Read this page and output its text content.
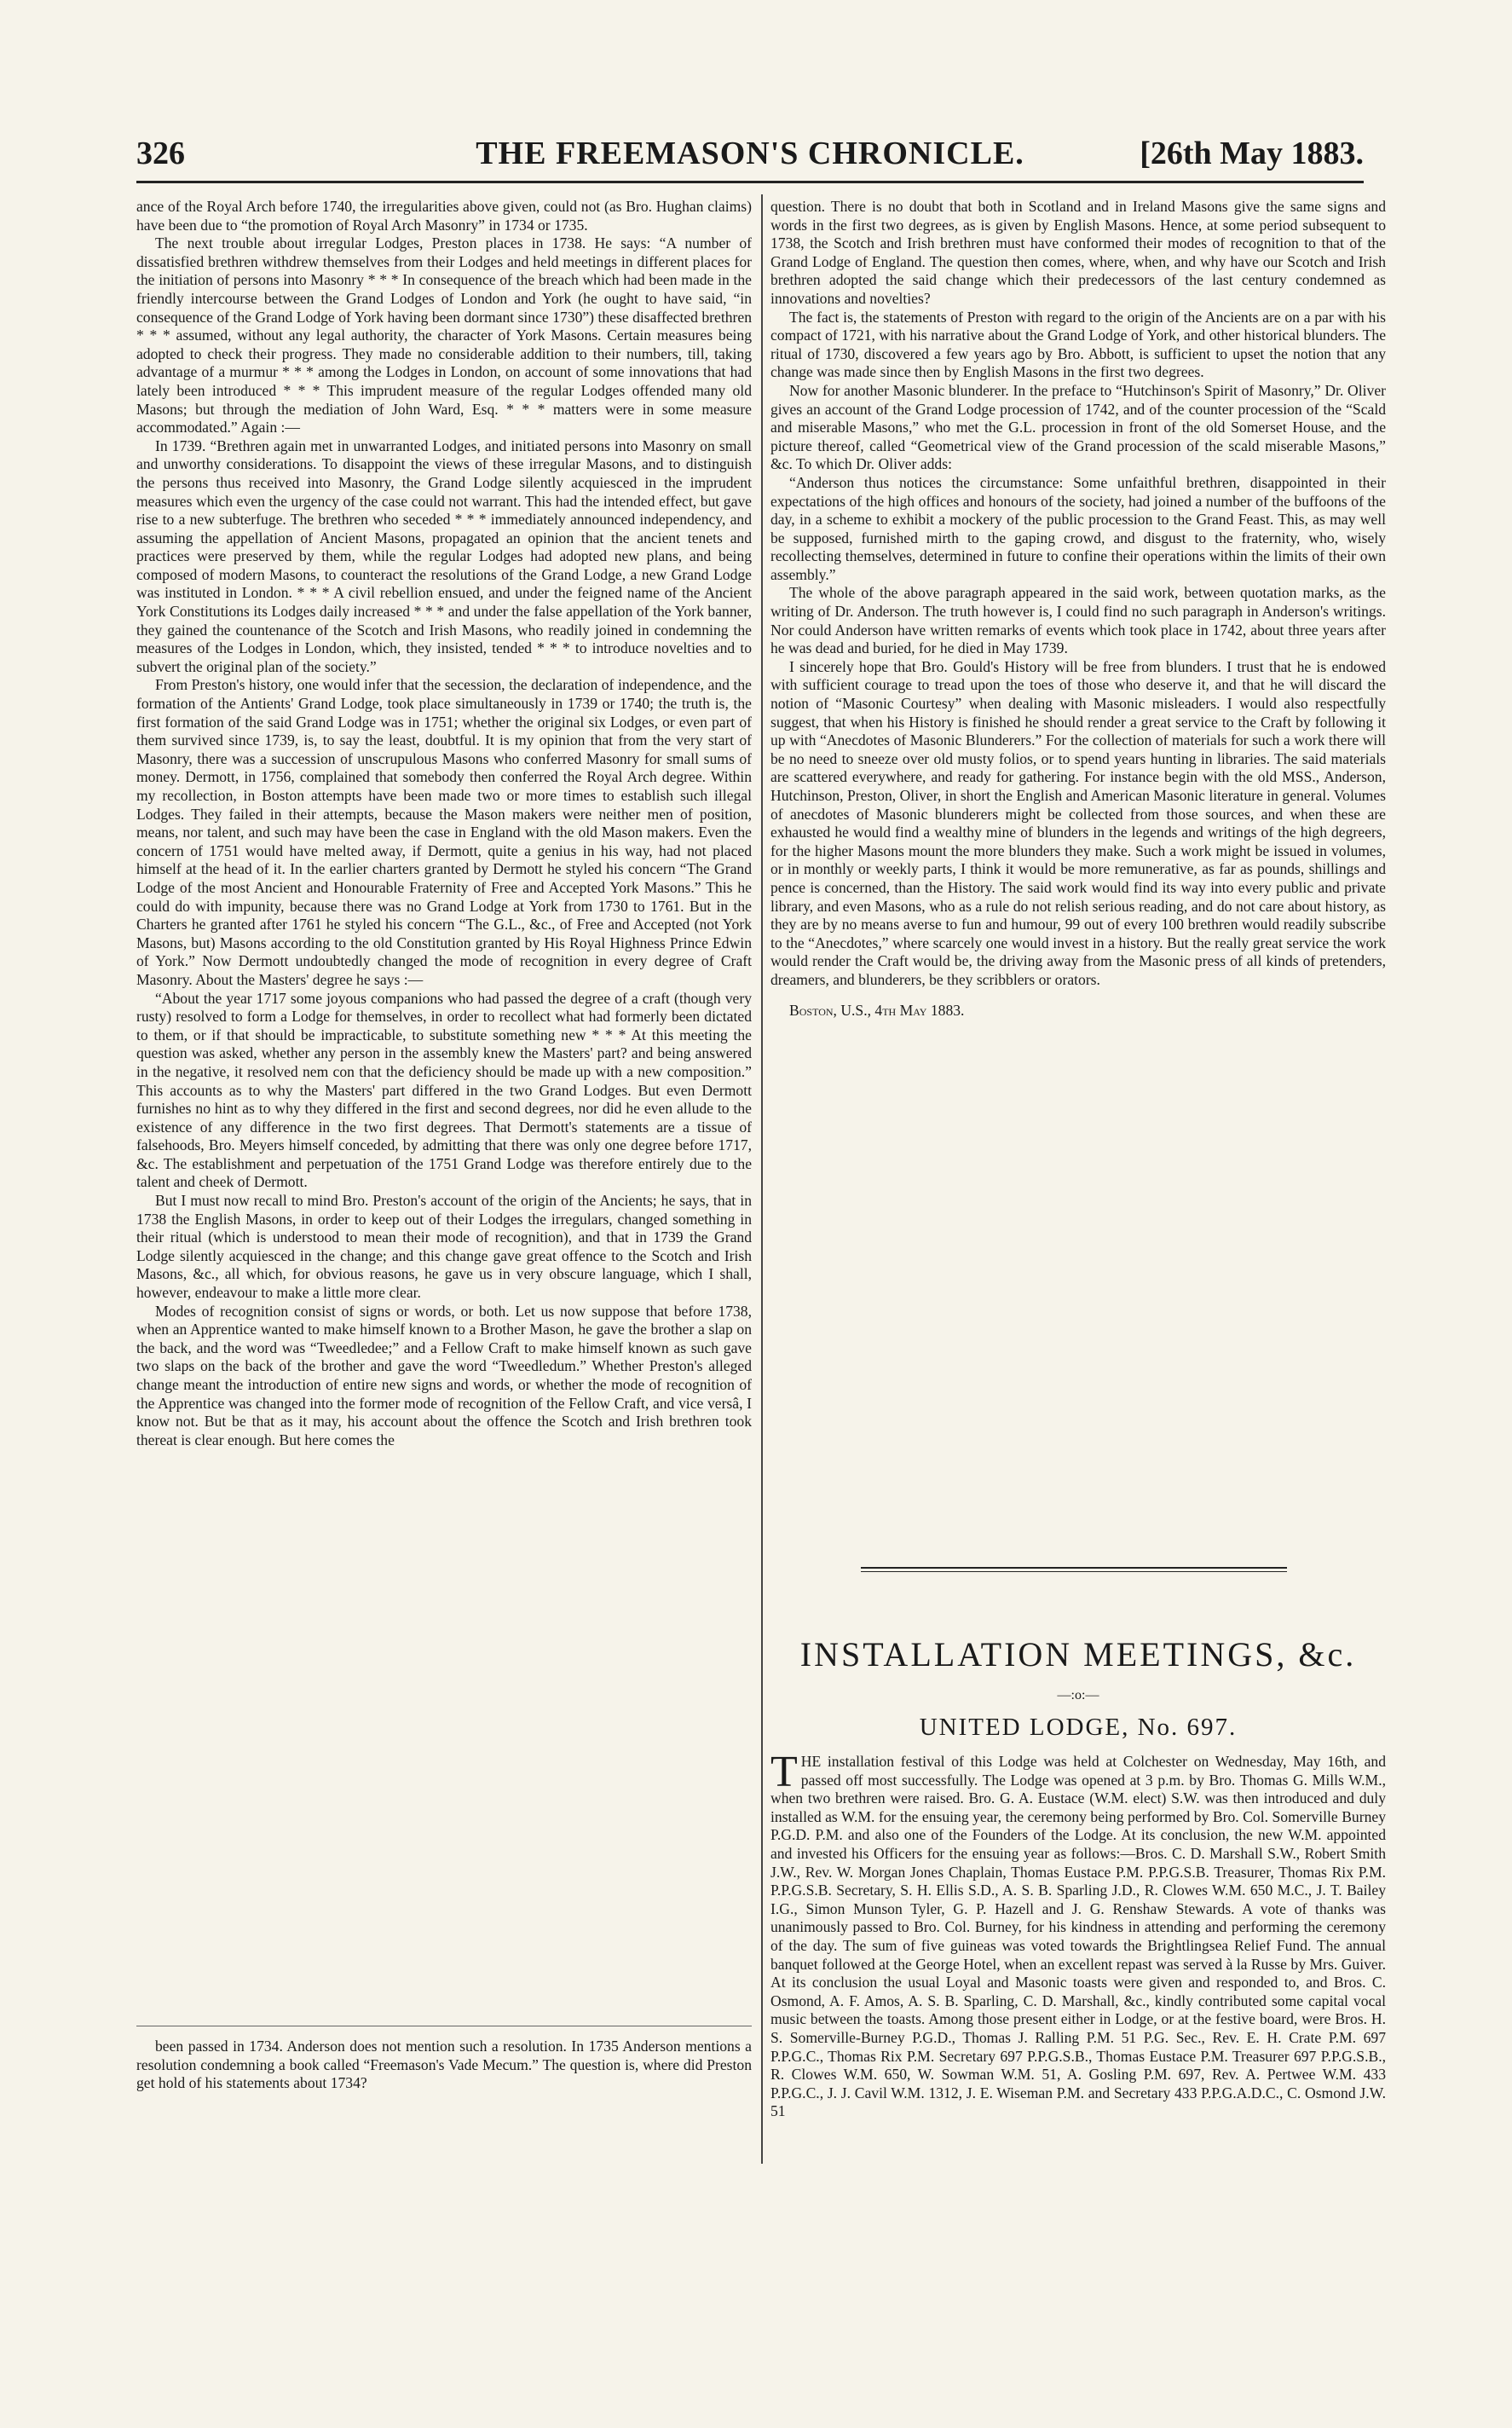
326	THE FREEMASON'S CHRONICLE.	[26th May 1883.

ance of the Royal Arch before 1740, the irregularities above given, could not (as Bro. Hughan claims) have been due to “the promotion of Royal Arch Masonry” in 1734 or 1735.

The next trouble about irregular Lodges, Preston places in 1738. He says: “A number of dissatisfied brethren withdrew themselves from their Lodges and held meetings in different places for the initiation of persons into Masonry * * * In consequence of the breach which had been made in the friendly intercourse between the Grand Lodges of London and York (he ought to have said, “in consequence of the Grand Lodge of York having been dormant since 1730”) these disaffected brethren * * * assumed, without any legal authority, the character of York Masons. Certain measures being adopted to check their progress. They made no considerable addition to their numbers, till, taking advantage of a murmur * * * among the Lodges in London, on account of some innovations that had lately been introduced * * * This imprudent measure of the regular Lodges offended many old Masons; but through the mediation of John Ward, Esq. * * * matters were in some measure accommodated.” Again :—

In 1739. “Brethren again met in unwarranted Lodges, and initiated persons into Masonry on small and unworthy considerations. To disappoint the views of these irregular Masons, and to distinguish the persons thus received into Masonry, the Grand Lodge silently acquiesced in the imprudent measures which even the urgency of the case could not warrant. This had the intended effect, but gave rise to a new subterfuge. The brethren who seceded * * * immediately announced independency, and assuming the appellation of Ancient Masons, propagated an opinion that the ancient tenets and practices were preserved by them, while the regular Lodges had adopted new plans, and being composed of modern Masons, to counteract the resolutions of the Grand Lodge, a new Grand Lodge was instituted in London. * * * A civil rebellion ensued, and under the feigned name of the Ancient York Constitutions its Lodges daily increased * * * and under the false appellation of the York banner, they gained the countenance of the Scotch and Irish Masons, who readily joined in condemning the measures of the Lodges in London, which, they insisted, tended * * * to introduce novelties and to subvert the original plan of the society.”

From Preston's history, one would infer that the secession, the declaration of independence, and the formation of the Antients' Grand Lodge, took place simultaneously in 1739 or 1740; the truth is, the first formation of the said Grand Lodge was in 1751; whether the original six Lodges, or even part of them survived since 1739, is, to say the least, doubtful. It is my opinion that from the very start of Masonry, there was a succession of unscrupulous Masons who conferred Masonry for small sums of money. Dermott, in 1756, complained that somebody then conferred the Royal Arch degree. Within my recollection, in Boston attempts have been made two or more times to establish such illegal Lodges. They failed in their attempts, because the Mason makers were neither men of position, means, nor talent, and such may have been the case in England with the old Mason makers. Even the concern of 1751 would have melted away, if Dermott, quite a genius in his way, had not placed himself at the head of it. In the earlier charters granted by Dermott he styled his concern “The Grand Lodge of the most Ancient and Honourable Fraternity of Free and Accepted York Masons.” This he could do with impunity, because there was no Grand Lodge at York from 1730 to 1761. But in the Charters he granted after 1761 he styled his concern “The G.L., &c., of Free and Accepted (not York Masons, but) Masons according to the old Constitution granted by His Royal Highness Prince Edwin of York.” Now Dermott undoubtedly changed the mode of recognition in every degree of Craft Masonry. About the Masters' degree he says :—

“About the year 1717 some joyous companions who had passed the degree of a craft (though very rusty) resolved to form a Lodge for themselves, in order to recollect what had formerly been dictated to them, or if that should be impracticable, to substitute something new * * * At this meeting the question was asked, whether any person in the assembly knew the Masters' part? and being answered in the negative, it resolved nem con that the deficiency should be made up with a new composition.” This accounts as to why the Masters' part differed in the two Grand Lodges. But even Dermott furnishes no hint as to why they differed in the first and second degrees, nor did he even allude to the existence of any difference in the two first degrees. That Dermott's statements are a tissue of falsehoods, Bro. Meyers himself conceded, by admitting that there was only one degree before 1717, &c. The establishment and perpetuation of the 1751 Grand Lodge was therefore entirely due to the talent and cheek of Dermott.

But I must now recall to mind Bro. Preston's account of the origin of the Ancients; he says, that in 1738 the English Masons, in order to keep out of their Lodges the irregulars, changed something in their ritual (which is understood to mean their mode of recognition), and that in 1739 the Grand Lodge silently acquiesced in the change; and this change gave great offence to the Scotch and Irish Masons, &c., all which, for obvious reasons, he gave us in very obscure language, which I shall, however, endeavour to make a little more clear.

Modes of recognition consist of signs or words, or both. Let us now suppose that before 1738, when an Apprentice wanted to make himself known to a Brother Mason, he gave the brother a slap on the back, and the word was “Tweedledee;” and a Fellow Craft to make himself known as such gave two slaps on the back of the brother and gave the word “Tweedledum.” Whether Preston's alleged change meant the introduction of entire new signs and words, or whether the mode of recognition of the Apprentice was changed into the former mode of recognition of the Fellow Craft, and vice versâ, I know not. But be that as it may, his account about the offence the Scotch and Irish brethren took thereat is clear enough. But here comes the

been passed in 1734. Anderson does not mention such a resolution. In 1735 Anderson mentions a resolution condemning a book called “Freemason's Vade Mecum.” The question is, where did Preston get hold of his statements about 1734?

question. There is no doubt that both in Scotland and in Ireland Masons give the same signs and words in the first two degrees, as is given by English Masons. Hence, at some period subsequent to 1738, the Scotch and Irish brethren must have conformed their modes of recognition to that of the Grand Lodge of England. The question then comes, where, when, and why have our Scotch and Irish brethren adopted the said change which their predecessors of the last century condemned as innovations and novelties?

The fact is, the statements of Preston with regard to the origin of the Ancients are on a par with his compact of 1721, with his narrative about the Grand Lodge of York, and other historical blunders. The ritual of 1730, discovered a few years ago by Bro. Abbott, is sufficient to upset the notion that any change was made since then by English Masons in the first two degrees.

Now for another Masonic blunderer. In the preface to “Hutchinson's Spirit of Masonry,” Dr. Oliver gives an account of the Grand Lodge procession of 1742, and of the counter procession of the “Scald and miserable Masons,” who met the G.L. procession in front of the old Somerset House, and the picture thereof, called “Geometrical view of the Grand procession of the scald miserable Masons,” &c. To which Dr. Oliver adds:

“Anderson thus notices the circumstance: Some unfaithful brethren, disappointed in their expectations of the high offices and honours of the society, had joined a number of the buffoons of the day, in a scheme to exhibit a mockery of the public procession to the Grand Feast. This, as may well be supposed, furnished mirth to the gaping crowd, and disgust to the fraternity, who, wisely recollecting themselves, determined in future to confine their operations within the limits of their own assembly.”

The whole of the above paragraph appeared in the said work, between quotation marks, as the writing of Dr. Anderson. The truth however is, I could find no such paragraph in Anderson's writings. Nor could Anderson have written remarks of events which took place in 1742, about three years after he was dead and buried, for he died in May 1739.

I sincerely hope that Bro. Gould's History will be free from blunders. I trust that he is endowed with sufficient courage to tread upon the toes of those who deserve it, and that he will discard the notion of “Masonic Courtesy” when dealing with Masonic misleaders. I would also respectfully suggest, that when his History is finished he should render a great service to the Craft by following it up with “Anecdotes of Masonic Blunderers.” For the collection of materials for such a work there will be no need to sneeze over old musty folios, or to spend years hunting in libraries. The said materials are scattered everywhere, and ready for gathering. For instance begin with the old MSS., Anderson, Hutchinson, Preston, Oliver, in short the English and American Masonic literature in general. Volumes of anecdotes of Masonic blunderers might be collected from those sources, and when these are exhausted he would find a wealthy mine of blunders in the legends and writings of the high degreers, for the higher Masons mount the more blunders they make. Such a work might be issued in volumes, or in monthly or weekly parts, I think it would be more remunerative, as far as pounds, shillings and pence is concerned, than the History. The said work would find its way into every public and private library, and even Masons, who as a rule do not relish serious reading, and do not care about history, as they are by no means averse to fun and humour, 99 out of every 100 brethren would readily subscribe to the “Anecdotes,” where scarcely one would invest in a history. But the really great service the work would render the Craft would be, the driving away from the Masonic press of all kinds of pretenders, dreamers, and blunderers, be they scribblers or orators.

Boston, U.S., 4th May 1883.

INSTALLATION MEETINGS, &c.
—:o:—
UNITED LODGE, No. 697.

THE installation festival of this Lodge was held at Colchester on Wednesday, May 16th, and passed off most successfully. The Lodge was opened at 3 p.m. by Bro. Thomas G. Mills W.M., when two brethren were raised. Bro. G. A. Eustace (W.M. elect) S.W. was then introduced and duly installed as W.M. for the ensuing year, the ceremony being performed by Bro. Col. Somerville Burney P.G.D. P.M. and also one of the Founders of the Lodge. At its conclusion, the new W.M. appointed and invested his Officers for the ensuing year as follows:—Bros. C. D. Marshall S.W., Robert Smith J.W., Rev. W. Morgan Jones Chaplain, Thomas Eustace P.M. P.P.G.S.B. Treasurer, Thomas Rix P.M. P.P.G.S.B. Secretary, S. H. Ellis S.D., A. S. B. Sparling J.D., R. Clowes W.M. 650 M.C., J. T. Bailey I.G., Simon Munson Tyler, G. P. Hazell and J. G. Renshaw Stewards. A vote of thanks was unanimously passed to Bro. Col. Burney, for his kindness in attending and performing the ceremony of the day. The sum of five guineas was voted towards the Brightlingsea Relief Fund. The annual banquet followed at the George Hotel, when an excellent repast was served à la Russe by Mrs. Guiver. At its conclusion the usual Loyal and Masonic toasts were given and responded to, and Bros. C. Osmond, A. F. Amos, A. S. B. Sparling, C. D. Marshall, &c., kindly contributed some capital vocal music between the toasts. Among those present either in Lodge, or at the festive board, were Bros. H. S. Somerville-Burney P.G.D., Thomas J. Ralling P.M. 51 P.G. Sec., Rev. E. H. Crate P.M. 697 P.P.G.C., Thomas Rix P.M. Secretary 697 P.P.G.S.B., Thomas Eustace P.M. Treasurer 697 P.P.G.S.B., R. Clowes W.M. 650, W. Sowman W.M. 51, A. Gosling P.M. 697, Rev. A. Pertwee W.M. 433 P.P.G.C., J. J. Cavil W.M. 1312, J. E. Wiseman P.M. and Secretary 433 P.P.G.A.D.C., C. Osmond J.W. 51
